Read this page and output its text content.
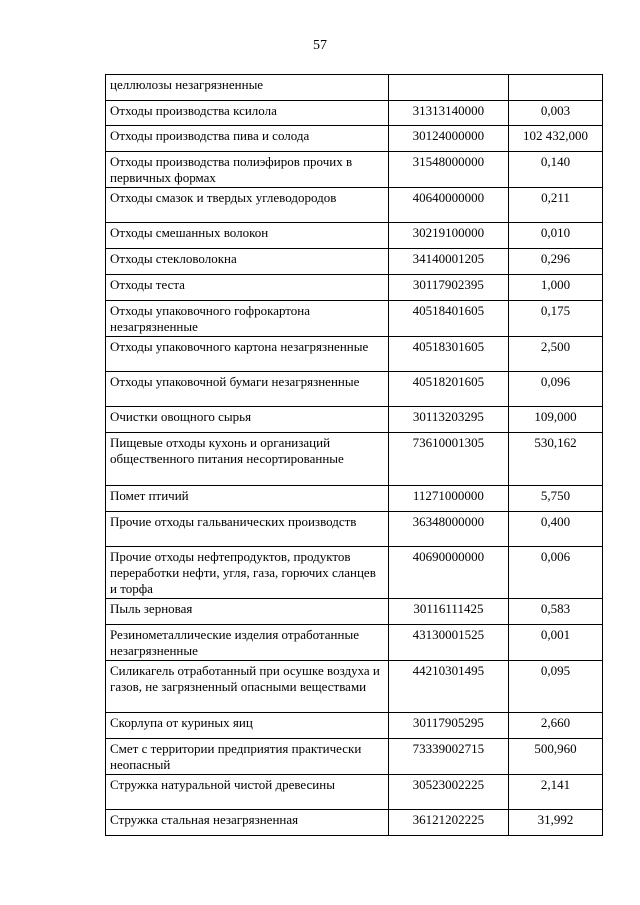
57
целлюлозы незагрязненные		
Отходы производства ксилола	31313140000	0,003
Отходы производства пива и солода	30124000000	102 432,000
Отходы производства полиэфиров прочих в первичных формах	31548000000	0,140
Отходы смазок и твердых углеводородов	40640000000	0,211
Отходы смешанных волокон	30219100000	0,010
Отходы стекловолокна	34140001205	0,296
Отходы теста	30117902395	1,000
Отходы упаковочного гофрокартона незагрязненные	40518401605	0,175
Отходы упаковочного картона незагрязненные	40518301605	2,500
Отходы упаковочной бумаги незагрязненные	40518201605	0,096
Очистки овощного сырья	30113203295	109,000
Пищевые отходы кухонь и организаций общественного питания несортированные	73610001305	530,162
Помет птичий	11271000000	5,750
Прочие отходы гальванических производств	36348000000	0,400
Прочие отходы нефтепродуктов, продуктов переработки нефти, угля, газа, горючих сланцев и торфа	40690000000	0,006
Пыль зерновая	30116111425	0,583
Резинометаллические изделия отработанные незагрязненные	43130001525	0,001
Силикагель отработанный при осушке воздуха и газов, не загрязненный опасными веществами	44210301495	0,095
Скорлупа от куриных яиц	30117905295	2,660
Смет с территории предприятия практически неопасный	73339002715	500,960
Стружка натуральной чистой древесины	30523002225	2,141
Стружка стальная незагрязненная	36121202225	31,992
